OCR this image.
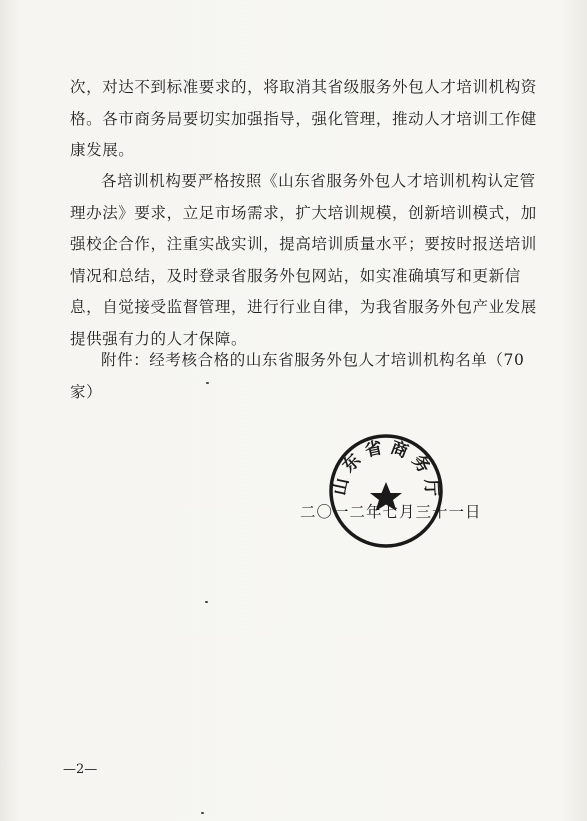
次，对达不到标准要求的，将取消其省级服务外包人才培训机构资格。各市商务局要切实加强指导，强化管理，推动人才培训工作健康发展。

各培训机构要严格按照《山东省服务外包人才培训机构认定管理办法》要求，立足市场需求，扩大培训规模，创新培训模式，加强校企合作，注重实战实训，提高培训质量水平；要按时报送培训情况和总结，及时登录省服务外包网站，如实准确填写和更新信息，自觉接受监督管理，进行行业自律，为我省服务外包产业发展提供强有力的人才保障。

附件：经考核合格的山东省服务外包人才培训机构名单（70家）

二〇一二年七月三十一日
山东省商务厅
—2—
